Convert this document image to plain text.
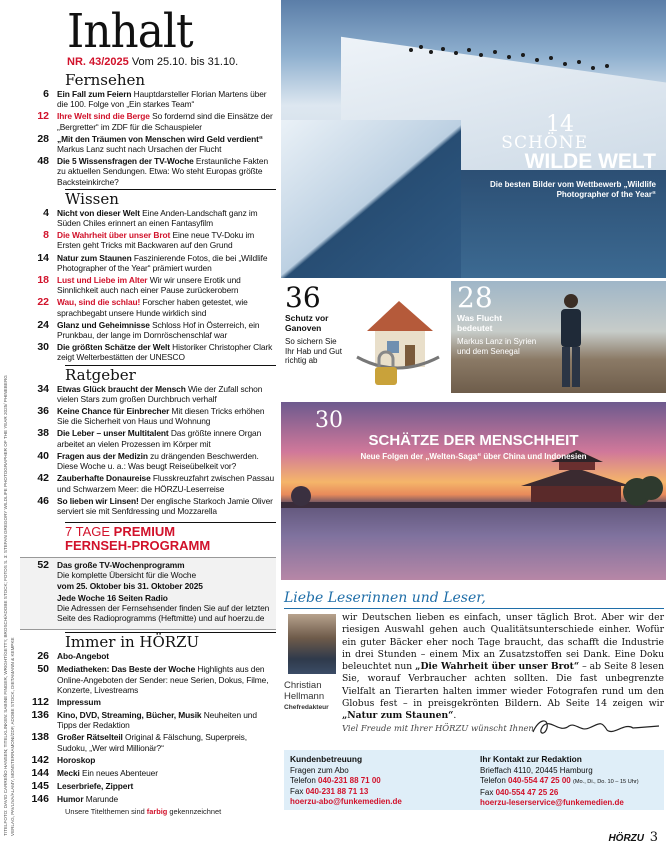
TITELFOTO: DAVID CARREÑO HANSEN; TITELKLINKEN: SABINE FINGER, WRIGHT/GETTY, BROSCH/ADOBE STOCK; FOTOS S. 3: STEFAN GREGORY WILDLIFE PHOTOGRAPHER OF THE YEAR 2025/ PHINEBERG VERLAG, PAVLIVA/ALAMY, MONSTERRAMONI/ZDF, ADOBE STOCK, DIETAMANN & KEMPKE
Inhalt
NR. 43/2025 Vom 25.10. bis 31.10.
Fernsehen
6 Ein Fall zum Feiern Hauptdarsteller Florian Martens über die 100. Folge von „Ein starkes Team“
12 Ihre Welt sind die Berge So fordernd sind die Einsätze der „Bergretter“ im ZDF für die Schauspieler
28 „Mit den Träumen von Menschen wird Geld verdient“ Markus Lanz sucht nach Ursachen der Flucht
48 Die 5 Wissensfragen der TV-Woche Erstaunliche Fakten zu aktuellen Sendungen. Etwa: Wo steht Europas größte Backsteinkirche?
Wissen
4 Nicht von dieser Welt Eine Anden-Landschaft ganz im Süden Chiles erinnert an einen Fantasyfilm
8 Die Wahrheit über unser Brot Eine neue TV-Doku im Ersten geht Tricks mit Backwaren auf den Grund
14 Natur zum Staunen Faszinierende Fotos, die bei „Wildlife Photographer of the Year“ prämiert wurden
18 Lust und Liebe im Alter Wir wir unsere Erotik und Sinnlichkeit auch nach einer Pause zurückerobern
22 Wau, sind die schlau! Forscher haben getestet, wie sprachbegabt unsere Hunde wirklich sind
24 Glanz und Geheimnisse Schloss Hof in Österreich, ein Prunkbau, der lange im Dornröschenschlaf war
30 Die größten Schätze der Welt Historiker Christopher Clark zeigt Welterbestätten der UNESCO
Ratgeber
34 Etwas Glück braucht der Mensch Wie der Zufall schon vielen Stars zum großen Durchbruch verhalf
36 Keine Chance für Einbrecher Mit diesen Tricks erhöhen Sie die Sicherheit von Haus und Wohnung
38 Die Leber – unser Multitalent Das größte innere Organ arbeitet an vielen Prozessen im Körper mit
40 Fragen aus der Medizin zu drängenden Beschwerden. Diese Woche u. a.: Was beugt Reiseübelkeit vor?
42 Zauberhafte Donaureise Flusskreuzfahrt zwischen Passau und Schwarzem Meer: die HÖRZU-Leserreise
46 So lieben wir Linsen! Der englische Starkoch Jamie Oliver serviert sie mit Senfdressing und Mozzarella
7 TAGE PREMIUM
FERNSEH-PROGRAMM
52 Das große TV-Wochenprogramm
Die komplette Übersicht für die Woche
vom 25. Oktober bis 31. Oktober 2025
Jede Woche 16 Seiten Radio
Die Adressen der Fernsehsender finden Sie auf der letzten Seite des Radioprogramms (Heftmitte) und auf hoerzu.de
Immer in HÖRZU
26 Abo-Angebot
50 Mediatheken: Das Beste der Woche Highlights aus den Online-Angeboten der Sender: neue Serien, Dokus, Filme, Konzerte, Livestreams
112 Impressum
136 Kino, DVD, Streaming, Bücher, Musik Neuheiten und Tipps der Redaktion
138 Großer Rätselteil Original & Fälschung, Superpreis, Sudoku, „Wer wird Millionär?“
142 Horoskop
144 Mecki Ein neues Abenteuer
145 Leserbriefe, Zippert
146 Humor Marunde
Unsere Titelthemen sind farbig gekennzeichnet
14
SCHÖNE
WILDE WELT
Die besten Bilder vom Wettbewerb „Wildlife Photographer of the Year“
36
Schutz vor Ganoven
So sichern Sie Ihr Hab und Gut richtig ab
28
Was Flucht bedeutet
Markus Lanz in Syrien und dem Senegal
30
SCHÄTZE DER MENSCHHEIT
Neue Folgen der „Welten-Saga“ über China und Indonesien
Liebe Leserinnen und Leser,
Christian Hellmann
Chefredakteur
wir Deutschen lieben es einfach, unser täglich Brot. Aber wir der riesigen Auswahl gehen auch Qualitätsunterschiede einher. Wofür ein guter Bäcker eher noch Tage braucht, das schafft die Industrie in drei Stunden – einem Mix an Zusatzstoffen sei Dank. Eine Doku beleuchtet nun „Die Wahrheit über unser Brot“ – ab Seite 8 lesen Sie, worauf Verbraucher achten sollten. Die fast unbegrenzte Vielfalt an Tierarten halten immer wieder Fotografen rund um den Globus fest – in preisgekrönten Bildern. Ab Seite 14 zeigen wir „Natur zum Staunen“.
Viel Freude mit Ihrer HÖRZU wünscht Ihnen
Kundenbetreuung
Fragen zum Abo
Telefon 040-231 88 71 00
Fax 040-231 88 71 13
hoerzu-abo@funkemedien.de
Ihr Kontakt zur Redaktion
Brieffach 4110, 20445 Hamburg
Telefon 040-554 47 25 00 (Mo., Di., Do. 10 – 15 Uhr)
Fax 040-554 47 25 26
hoerzu-leserservice@funkemedien.de
HÖRZU 3
